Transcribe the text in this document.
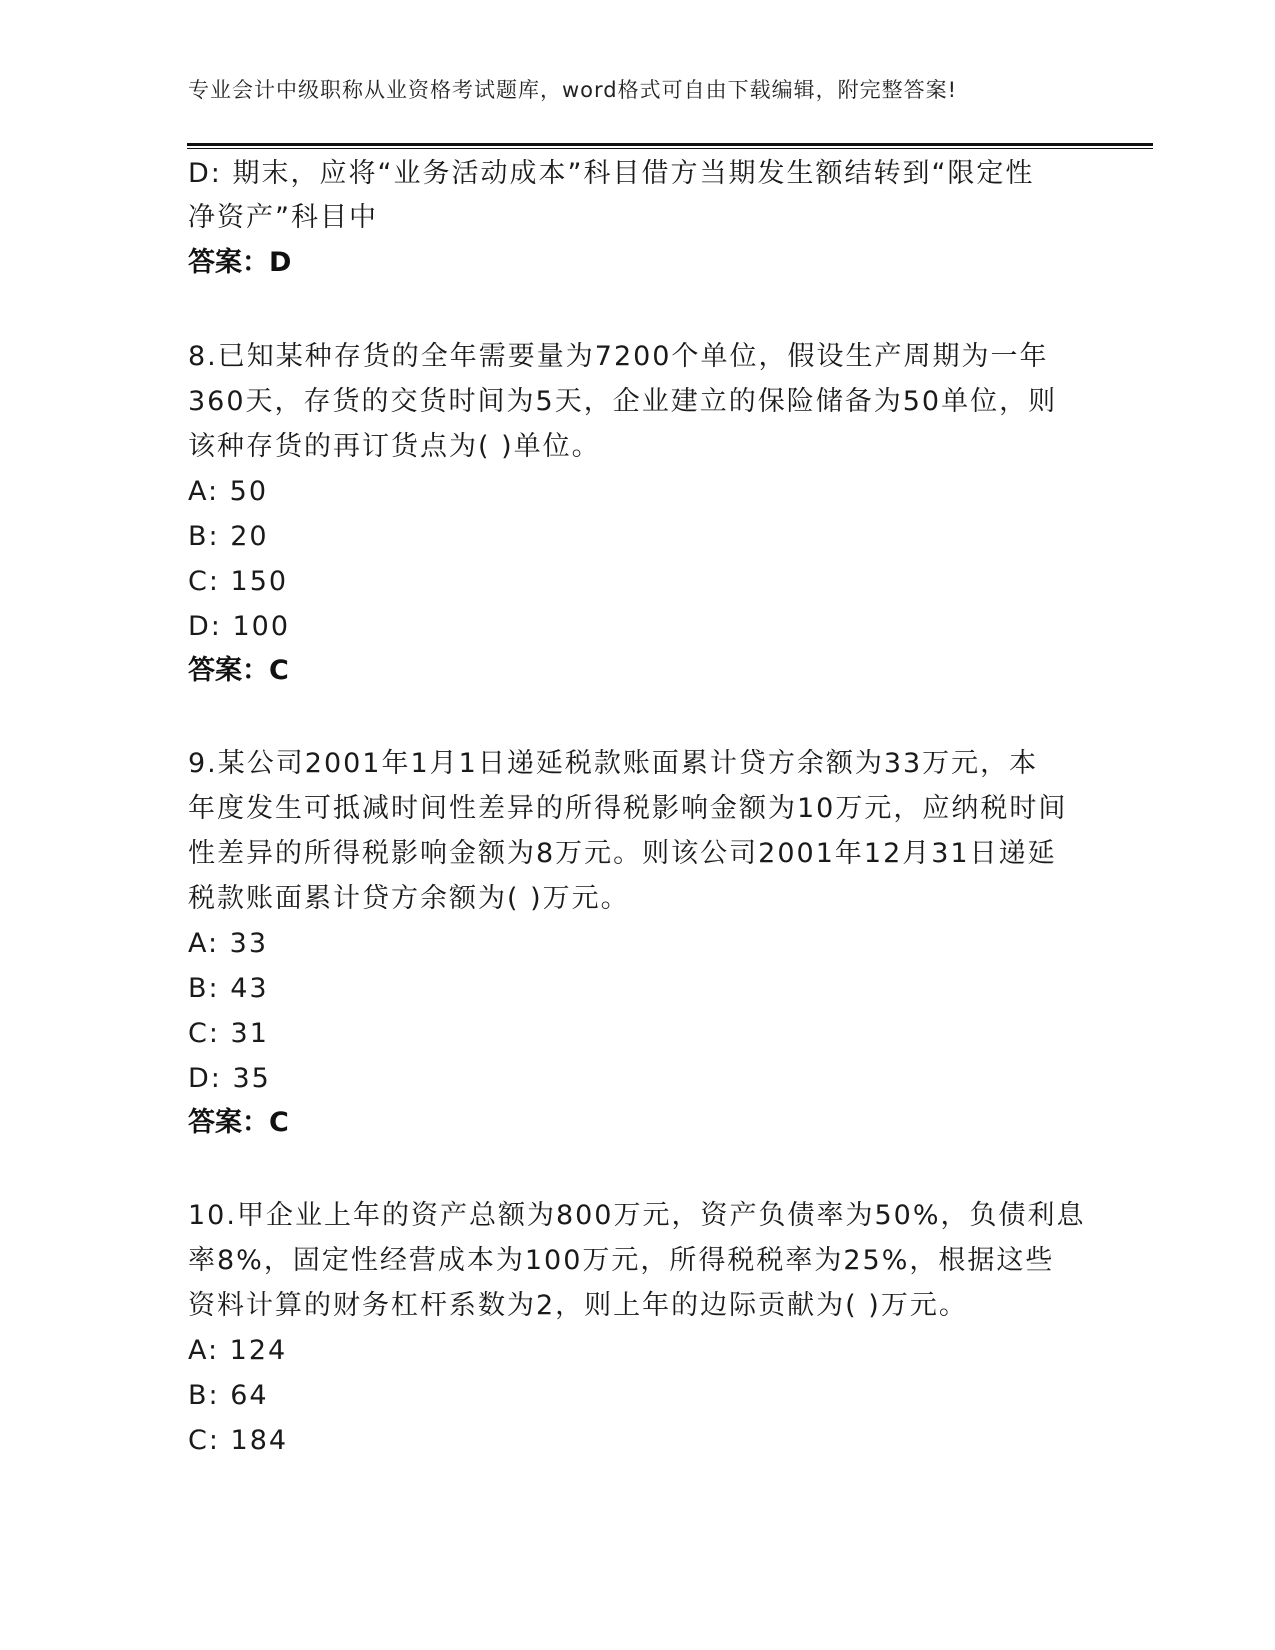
专业会计中级职称从业资格考试题库，word格式可自由下载编辑，附完整答案!
D: 期末，应将“业务活动成本”科目借方当期发生额结转到“限定性
净资产”科目中
答案：D
8.已知某种存货的全年需要量为7200个单位，假设生产周期为一年
360天，存货的交货时间为5天，企业建立的保险储备为50单位，则
该种存货的再订货点为( )单位。
A: 50
B: 20
C: 150
D: 100
答案：C
9.某公司2001年1月1日递延税款账面累计贷方余额为33万元，本
年度发生可抵减时间性差异的所得税影响金额为10万元，应纳税时间
性差异的所得税影响金额为8万元。则该公司2001年12月31日递延
税款账面累计贷方余额为( )万元。
A: 33
B: 43
C: 31
D: 35
答案：C
10.甲企业上年的资产总额为800万元，资产负债率为50%，负债利息
率8%，固定性经营成本为100万元，所得税税率为25%，根据这些
资料计算的财务杠杆系数为2，则上年的边际贡献为( )万元。
A: 124
B: 64
C: 184
